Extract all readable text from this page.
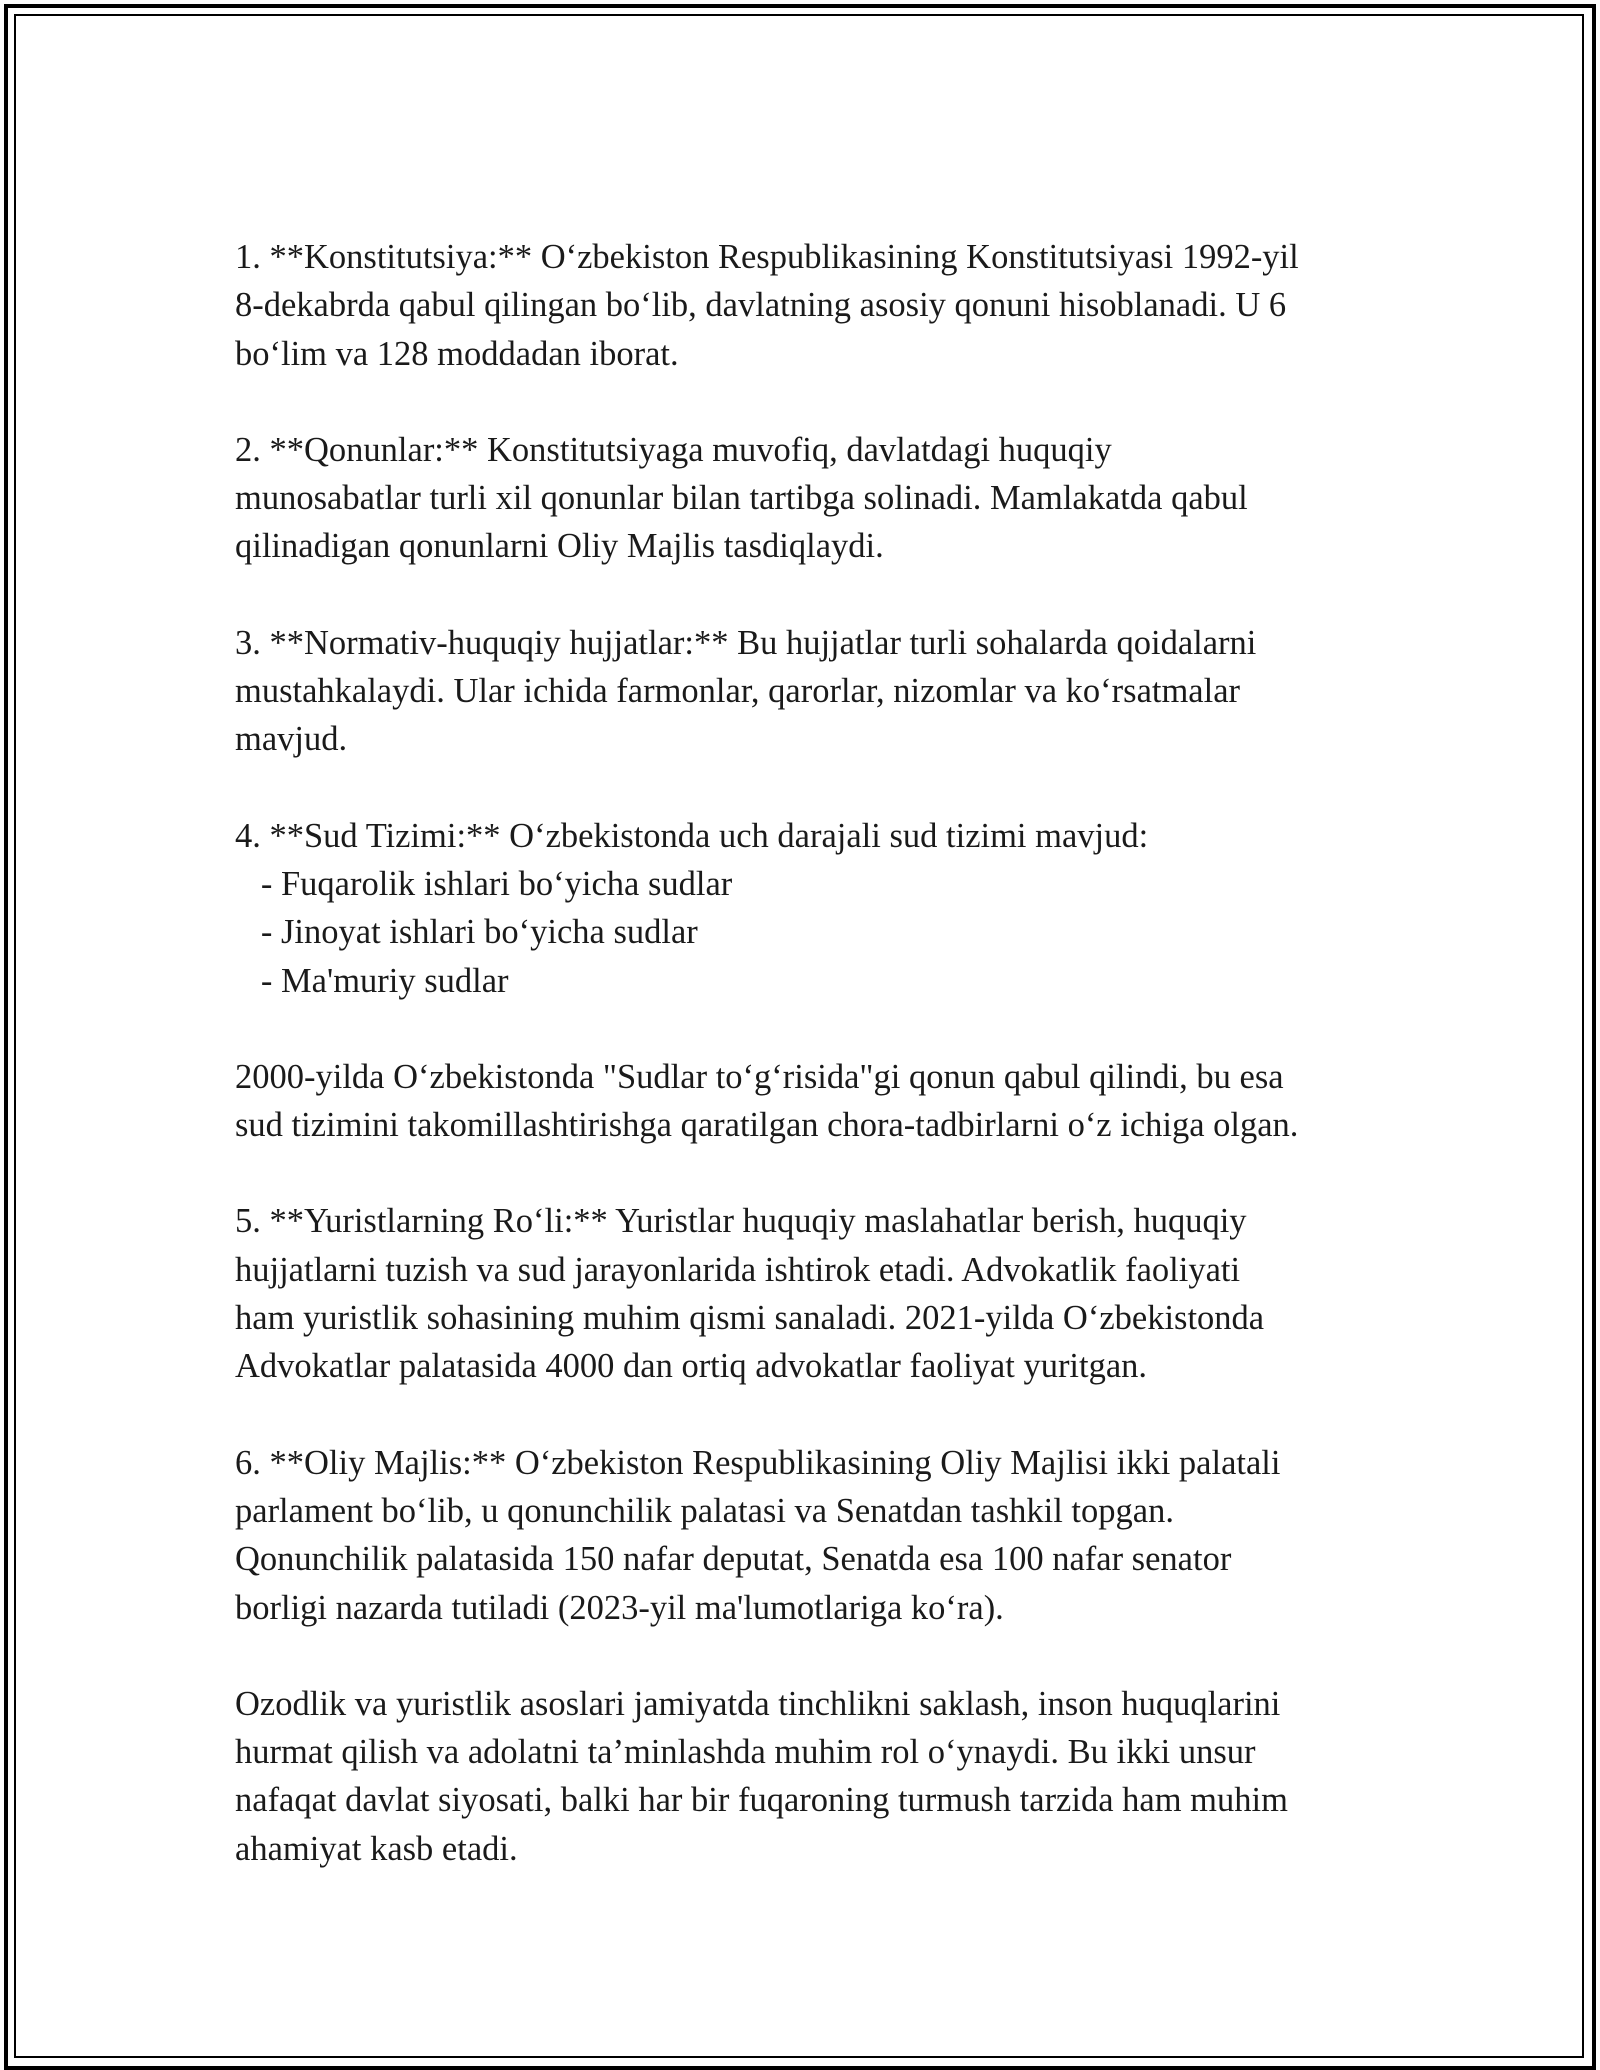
1. **Konstitutsiya:** O‘zbekiston Respublikasining Konstitutsiyasi 1992-yil
8-dekabrda qabul qilingan bo‘lib, davlatning asosiy qonuni hisoblanadi. U 6
bo‘lim va 128 moddadan iborat.
2. **Qonunlar:** Konstitutsiyaga muvofiq, davlatdagi huquqiy
munosabatlar turli xil qonunlar bilan tartibga solinadi. Mamlakatda qabul
qilinadigan qonunlarni Oliy Majlis tasdiqlaydi.
3. **Normativ-huquqiy hujjatlar:** Bu hujjatlar turli sohalarda qoidalarni
mustahkalaydi. Ular ichida farmonlar, qarorlar, nizomlar va ko‘rsatmalar
mavjud.
4. **Sud Tizimi:** O‘zbekistonda uch darajali sud tizimi mavjud:
- Fuqarolik ishlari bo‘yicha sudlar
- Jinoyat ishlari bo‘yicha sudlar
- Ma'muriy sudlar
2000-yilda O‘zbekistonda "Sudlar to‘g‘risida"gi qonun qabul qilindi, bu esa
sud tizimini takomillashtirishga qaratilgan chora-tadbirlarni o‘z ichiga olgan.
5. **Yuristlarning Ro‘li:** Yuristlar huquqiy maslahatlar berish, huquqiy
hujjatlarni tuzish va sud jarayonlarida ishtirok etadi. Advokatlik faoliyati
ham yuristlik sohasining muhim qismi sanaladi. 2021-yilda O‘zbekistonda
Advokatlar palatasida 4000 dan ortiq advokatlar faoliyat yuritgan.
6. **Oliy Majlis:** O‘zbekiston Respublikasining Oliy Majlisi ikki palatali
parlament bo‘lib, u qonunchilik palatasi va Senatdan tashkil topgan.
Qonunchilik palatasida 150 nafar deputat, Senatda esa 100 nafar senator
borligi nazarda tutiladi (2023-yil ma'lumotlariga ko‘ra).
Ozodlik va yuristlik asoslari jamiyatda tinchlikni saklash, inson huquqlarini
hurmat qilish va adolatni ta’minlashda muhim rol o‘ynaydi. Bu ikki unsur
nafaqat davlat siyosati, balki har bir fuqaroning turmush tarzida ham muhim
ahamiyat kasb etadi.
